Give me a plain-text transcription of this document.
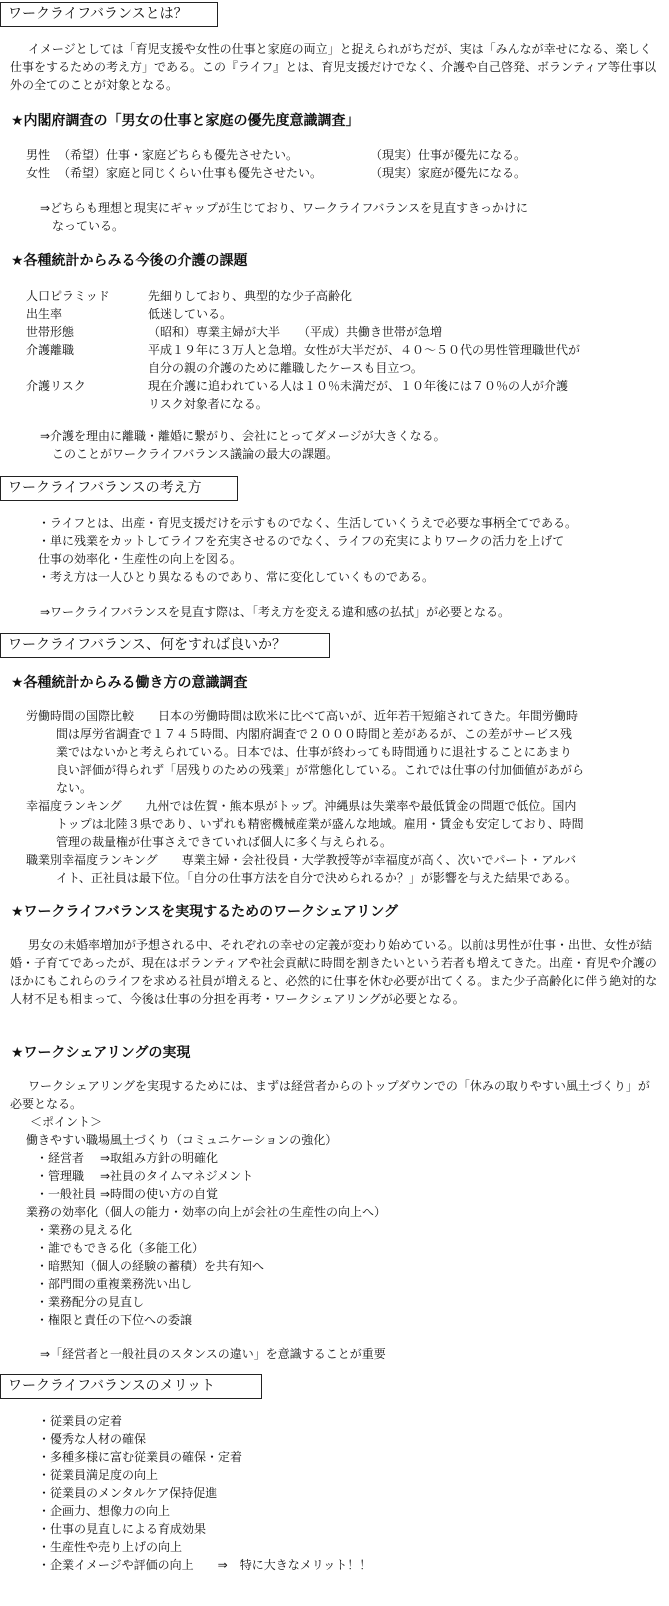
ワークライフバランスとは？
イメージとしては「育児支援や女性の仕事と家庭の両立」と捉えられがちだが、実は「みんなが幸せになる、楽しく仕事をするための考え方」である。この『ライフ』とは、育児支援だけでなく、介護や自己啓発、ボランティア等仕事以外の全てのことが対象となる。
★内閣府調査の「男女の仕事と家庭の優先度意識調査」
男性 （希望）仕事・家庭どちらも優先させたい。	（現実）仕事が優先になる。
女性 （希望）家庭と同じくらい仕事も優先させたい。	（現実）家庭が優先になる。
⇒どちらも理想と現実にギャップが生じており、ワークライフバランスを見直すきっかけに
なっている。
★各種統計からみる今後の介護の課題
人口ピラミッド	先細りしており、典型的な少子高齢化
出生率	低迷している。
世帯形態	（昭和）専業主婦が大半　　（平成）共働き世帯が急増
介護離職	平成１９年に３万人と急増。女性が大半だが、４０～５０代の男性管理職世代が
自分の親の介護のために離職したケースも目立つ。
介護リスク	現在介護に追われている人は１０％未満だが、１０年後には７０％の人が介護
リスク対象者になる。
⇒介護を理由に離職・離婚に繋がり、会社にとってダメージが大きくなる。
このことがワークライフバランス議論の最大の課題。
ワークライフバランスの考え方
・ライフとは、出産・育児支援だけを示すものでなく、生活していくうえで必要な事柄全てである。
・単に残業をカットしてライフを充実させるのでなく、ライフの充実によりワークの活力を上げて
仕事の効率化・生産性の向上を図る。
・考え方は一人ひとり異なるものであり、常に変化していくものである。
⇒ワークライフバランスを見直す際は、「考え方を変える違和感の払拭」が必要となる。
ワークライフバランス、何をすれば良いか？
★各種統計からみる働き方の意識調査
労働時間の国際比較　　日本の労働時間は欧米に比べて高いが、近年若干短縮されてきた。年間労働時
間は厚労省調査で１７４５時間、内閣府調査で２０００時間と差があるが、この差がサービス残
業ではないかと考えられている。日本では、仕事が終わっても時間通りに退社することにあまり
良い評価が得られず「居残りのための残業」が常態化している。これでは仕事の付加価値があがら
ない。
幸福度ランキング　　九州では佐賀・熊本県がトップ。沖縄県は失業率や最低賃金の問題で低位。国内
トップは北陸３県であり、いずれも精密機械産業が盛んな地域。雇用・賃金も安定しており、時間
管理の裁量権が仕事さえできていれば個人に多く与えられる。
職業別幸福度ランキング　　専業主婦・会社役員・大学教授等が幸福度が高く、次いでパート・アルバ
イト、正社員は最下位。「自分の仕事方法を自分で決められるか？」が影響を与えた結果である。
★ワークライフバランスを実現するためのワークシェアリング
男女の未婚率増加が予想される中、それぞれの幸せの定義が変わり始めている。以前は男性が仕事・出世、女性が結婚・子育てであったが、現在はボランティアや社会貢献に時間を割きたいという若者も増えてきた。出産・育児や介護のほかにもこれらのライフを求める社員が増えると、必然的に仕事を休む必要が出てくる。また少子高齢化に伴う絶対的な人材不足も相まって、今後は仕事の分担を再考・ワークシェアリングが必要となる。
★ワークシェアリングの実現
ワークシェアリングを実現するためには、まずは経営者からのトップダウンでの「休みの取りやすい風土づくり」が必要となる。
＜ポイント＞
働きやすい職場風土づくり（コミュニケーションの強化）
・経営者 ⇒取組み方針の明確化
・管理職 ⇒社員のタイムマネジメント
・一般社員 ⇒時間の使い方の自覚
業務の効率化（個人の能力・効率の向上が会社の生産性の向上へ）
・業務の見える化
・誰でもできる化（多能工化）
・暗黙知（個人の経験の蓄積）を共有知へ
・部門間の重複業務洗い出し
・業務配分の見直し
・権限と責任の下位への委譲
⇒「経営者と一般社員のスタンスの違い」を意識することが重要
ワークライフバランスのメリット
・従業員の定着
・優秀な人材の確保
・多種多様に富む従業員の確保・定着
・従業員満足度の向上
・従業員のメンタルケア保持促進
・企画力、想像力の向上
・仕事の見直しによる育成効果
・生産性や売り上げの向上
・企業イメージや評価の向上　　⇒　特に大きなメリット！！
